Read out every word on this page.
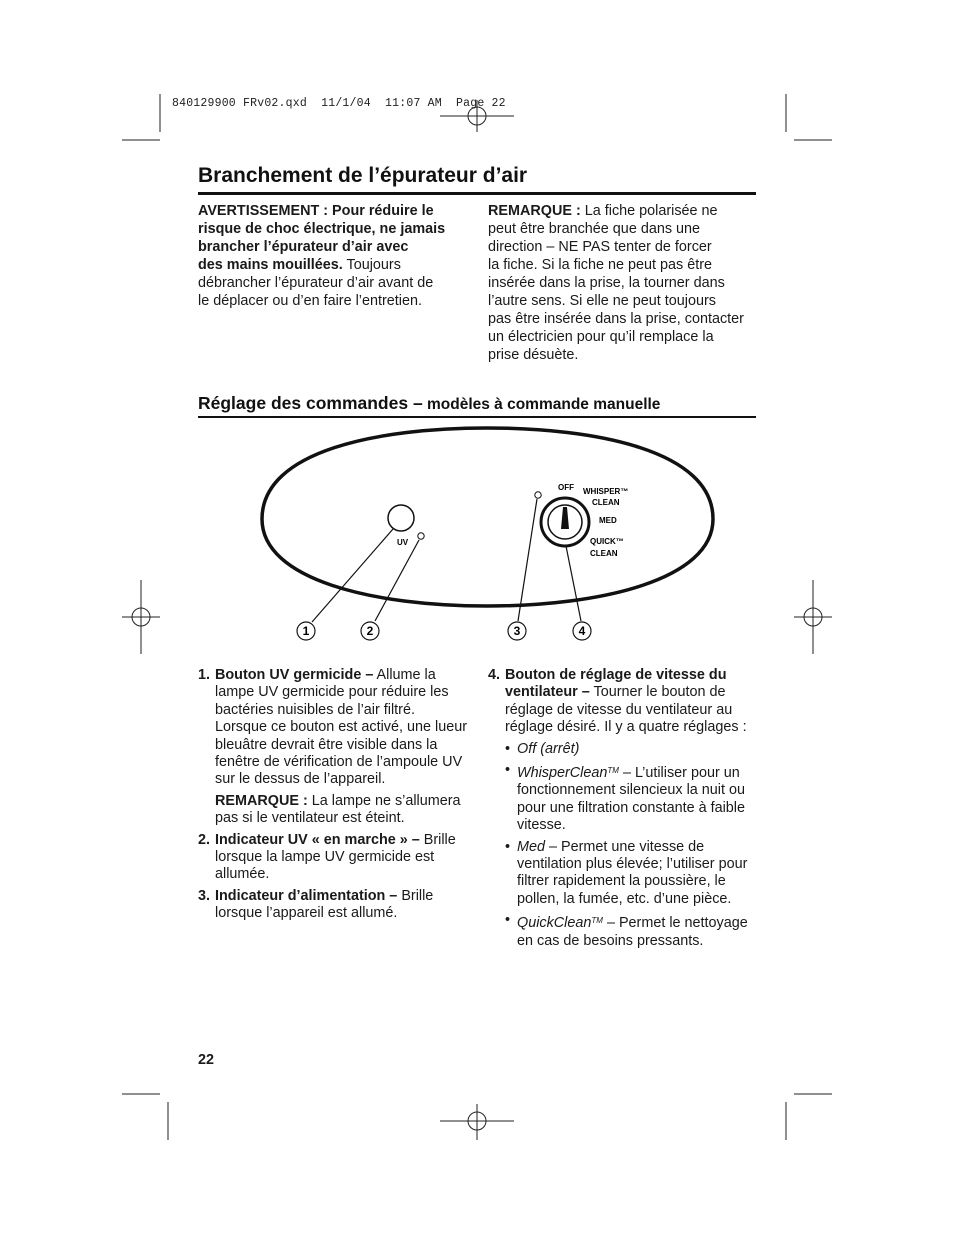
840129900 FRv02.qxd  11/1/04  11:07 AM  Page 22
Branchement de l’épurateur d’air
AVERTISSEMENT : Pour réduire le
risque de choc électrique, ne jamais
brancher l’épurateur d’air avec
des mains mouillées. Toujours
débrancher l’épurateur d’air avant de
le déplacer ou d’en faire l’entretien.
REMARQUE : La fiche polarisée ne
peut être branchée que dans une
direction – NE PAS tenter de forcer
la fiche. Si la fiche ne peut pas être
insérée dans la prise, la tourner dans
l’autre sens. Si elle ne peut toujours
pas être insérée dans la prise, contacter
un électricien pour qu’il remplace la
prise désuète.
Réglage des commandes – modèles à commande manuelle
UV
OFF WHISPER™
CLEAN
MED
QUICK™
CLEAN
1	2	3	4
1. Bouton UV germicide – Allume la lampe UV germicide pour réduire les bactéries nuisibles de l’air filtré. Lorsque ce bouton est activé, une lueur bleuâtre devrait être visible dans la fenêtre de vérification de l’ampoule UV sur le dessus de l’appareil.
REMARQUE : La lampe ne s’allumera pas si le ventilateur est éteint.
2. Indicateur UV « en marche » – Brille lorsque la lampe UV germicide est allumée.
3. Indicateur d’alimentation – Brille lorsque l’appareil est allumé.
4. Bouton de réglage de vitesse du ventilateur – Tourner le bouton de réglage de vitesse du ventilateur au réglage désiré. Il y a quatre réglages :
• Off (arrêt)
• WhisperClean™ – L’utiliser pour un fonctionnement silencieux la nuit ou pour une filtration constante à faible vitesse.
• Med – Permet une vitesse de ventilation plus élevée; l’utiliser pour filtrer rapidement la poussière, le pollen, la fumée, etc. d’une pièce.
• QuickClean™ – Permet le nettoyage en cas de besoins pressants.
22
